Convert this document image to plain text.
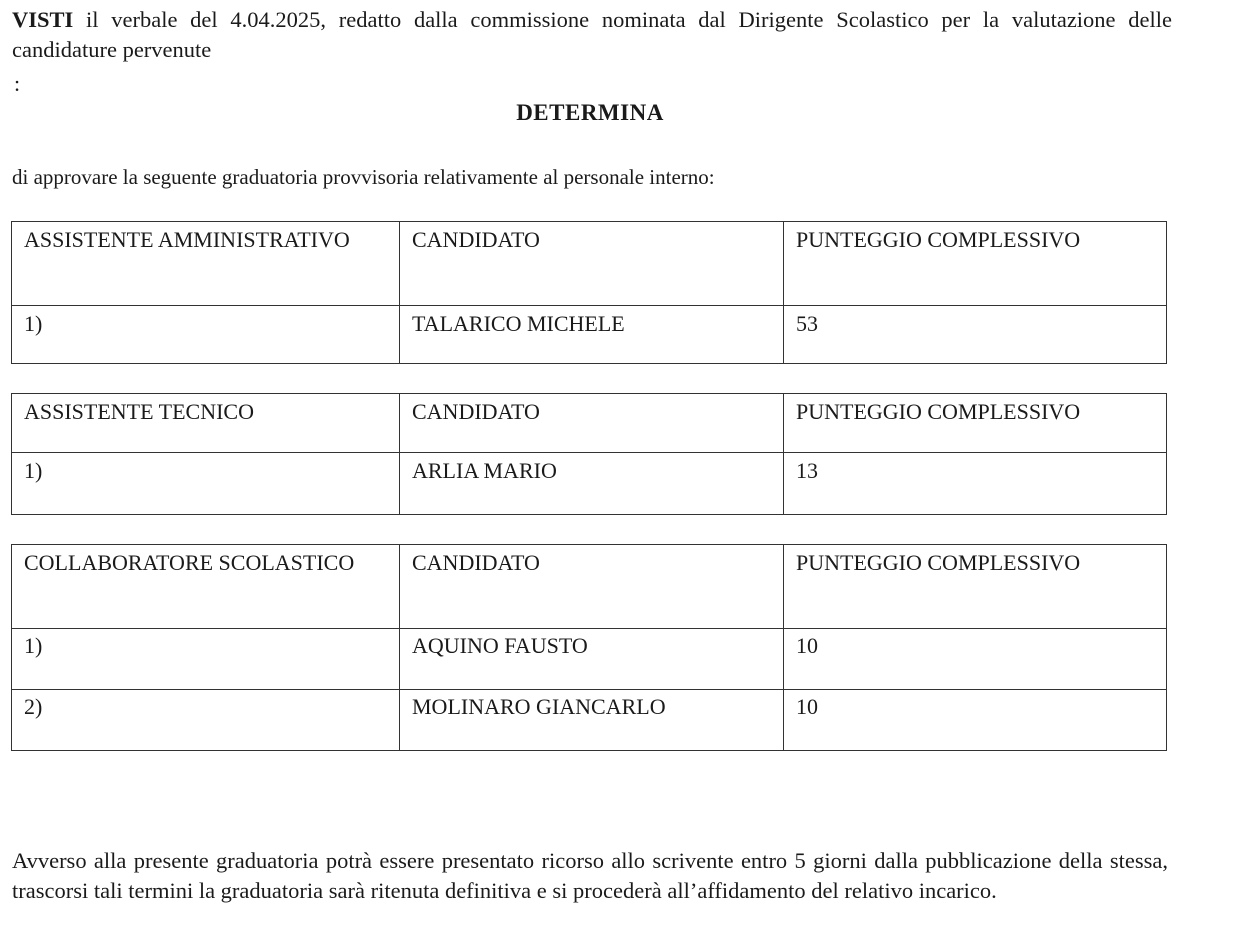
VISTI il verbale del 4.04.2025, redatto dalla commissione nominata dal Dirigente Scolastico per la valutazione delle candidature pervenute

:
DETERMINA
di approvare la seguente graduatoria provvisoria relativamente al personale interno:
ASSISTENTE AMMINISTRATIVO	CANDIDATO	PUNTEGGIO COMPLESSIVO
1)	TALARICO MICHELE	53
ASSISTENTE TECNICO	CANDIDATO	PUNTEGGIO COMPLESSIVO
1)	ARLIA MARIO	13
COLLABORATORE SCOLASTICO	CANDIDATO	PUNTEGGIO COMPLESSIVO
1)	AQUINO FAUSTO	10
2)	MOLINARO GIANCARLO	10

Avverso alla presente graduatoria potrà essere presentato ricorso allo scrivente entro 5 giorni dalla pubblicazione della stessa, trascorsi tali termini la graduatoria sarà ritenuta definitiva e si procederà all’affidamento del relativo incarico.
